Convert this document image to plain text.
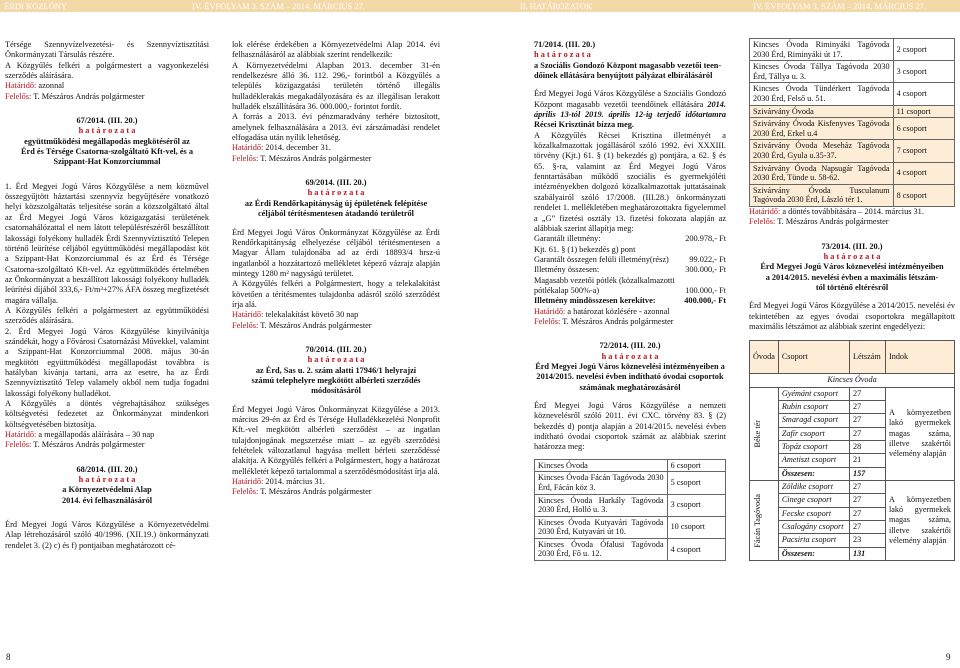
ÉRDI KÖZLÖNY	IV. ÉVFOLYAM 3. SZÁM – 2014. MÁRCIUS 27.	II. HATÁROZATOK	IV. ÉVFOLYAM 3. SZÁM – 2014. MÁRCIUS 27.

Térsége Szennyvízelvezetési- és Szennyvíztisztítási Önkormányzati Társulás részére.

A Közgyűlés felkéri a polgármestert a vagyonkezelési szerződés aláírására.

Határidő: azonnal

Felelős: T. Mészáros András polgármester

67/2014. (III. 20.)

h a t á r o z a t a

együttműködési megállapodás megkötéséről az

Érd és Térsége Csatorna-szolgáltató Kft-vel, és a

Szippant-Hat Konzorciummal

1. Érd Megyei Jogú Város Közgyűlése a nem közművel összegyűjtött háztartási szennyvíz begyűjtésére vonatkozó helyi közszolgáltatás teljesítése során a közszolgáltató által az Érd Megyei Jogú Város közigazgatási területének csatornahálózattal el nem látott településrészéről beszállított lakossági folyékony hulladék Érdi Szennyvíztisztító Telepen történő leürítése céljából együttműködési megállapodást köt a Szippant-Hat Konzorciummal és az Érd és Térsége Csatorna-szolgáltató Kft-vel. Az együttműködés értelmében az Önkormányzat a beszállított lakossági folyékony hulladék leürítési díjából 333,6,- Ft/m³+27% ÁFA összeg megfizetését magára vállalja.

A Közgyűlés felkéri a polgármestert az együttműködési szerződés aláírására.

2. Érd Megyei Jogú Város Közgyűlése kinyilvánítja szándékát, hogy a Fővárosi Csatornázási Művekkel, valamint a Szippant-Hat Konzorciummal 2008. május 30-án megkötött együttműködési megállapodást továbbra is hatályban kívánja tartani, arra az esetre, ha az Érdi Szennyvíztisztító Telep valamely okból nem tudja fogadni lakossági folyékony hulladékot.

A Közgyűlés a döntés végrehajtásához szükséges költségvetési fedezetet az Önkormányzat mindenkori költségvetésében biztosítja.

Határidő: a megállapodás aláírására – 30 nap

Felelős: T. Mészáros András polgármester

68/2014. (III. 20.)

h a t á r o z a t a

a Környezetvédelmi Alap

2014. évi felhasználásáról

Érd Megyei Jogú Város Közgyűlése a Környezetvédelmi Alap létrehozásáról szóló 40/1996. (XII.19.) önkormányzati rendelet 3. (2) c) és f) pontjaiban meghatározott cé-

lok elérése érdekében a Környezetvédelmi Alap 2014. évi felhasználásáról az alábbiak szerint rendelkezik:

A Környezetvédelmi Alapban 2013. december 31-én rendelkezésre álló 36. 112. 296,- forintból a Közgyűlés a település közigazgatási területén történő illegális hulladéklerakás megakadályozására és az illegálisan lerakott hulladék elszállítására 36. 000.000,- forintot fordít.

A forrás a 2013. évi pénzmaradvány terhére biztosított, amelynek felhasználására a 2013. évi zárszámadási rendelet elfogadása után nyílik lehetőség.

Határidő: 2014. december 31.

Felelős: T. Mészáros András polgármester

69/2014. (III. 20.)

h a t á r o z a t a

az Érdi Rendőrkapitányság új épületének felépítése

céljából térítésmentesen átadandó területről

Érd Megyei Jogú Város Önkormányzat Közgyűlése az Érdi Rendőrkapitányság elhelyezése céljából térítésmentesen a Magyar Állam tulajdonába ad az érdi 18893/4 hrsz-ú ingatlanból a hozzátartozó mellékletet képező vázrajz alapján mintegy 1280 m² nagyságú területet.

A Közgyűlés felkéri a Polgármestert, hogy a telekalakítást követően a térítésmentes tulajdonba adásról szóló szerződést írja alá.

Határidő: telekalakítást követő 30 nap

Felelős: T. Mészáros András polgármester

70/2014. (III. 20.)

h a t á r o z a t a

az Érd, Sas u. 2. szám alatti 17946/1 helyrajzi

számú telephelyre megkötött albérleti szerződés

módosításáról

Érd Megyei Jogú Város Önkormányzat Közgyűlése a 2013. március 29-én az Érd és Térsége Hulladékkezelési Nonprofit Kft.-vel megkötött albérleti szerződést – az ingatlan tulajdonjogának megszerzése miatt – az egyéb szerződési feltételek változatlanul hagyása mellett bérleti szerződéssé alakítja. A Közgyűlés felkéri a Polgármestert, hogy a határozat mellékletét képező tartalommal a szerződésmódosítást írja alá.

Határidő: 2014. március 31.

Felelős: T. Mészáros András polgármester

71/2014. (III. 20.)

h a t á r o z a t a

a Szociális Gondozó Központ magasabb vezetői teen-

dőinek ellátására benyújtott pályázat elbírálásáról

Érd Megyei Jogú Város Közgyűlése a Szociális Gondozó Központ magasabb vezetői teendőinek ellátására 2014. április 13-tól 2019. április 12-ig terjedő időtartamra Récsei Krisztinát bízza meg.

A Közgyűlés Récsei Krisztina illetményét a közalkalmazottak jogállásáról szóló 1992. évi XXXIII. törvény (Kjt.) 61. § (1) bekezdés g) pontjára, a 62. § és 65. §-ra, valamint az Érd Megyei Jogú Város fenntartásában működő szociális és gyermekjóléti intézményekben dolgozó közalkalmazottak juttatásainak szabályairól szóló 17/2008. (III.28.) önkormányzati rendelet 1. mellékletében meghatározottakra figyelemmel a „G” fizetési osztály 13. fizetési fokozata alapján az alábbiak szerint állapítja meg:

Garantált illetmény:	200.978,- Ft

Kjt. 61. § (1) bekezdés g) pont

Garantált összegen felüli illetmény(rész) 99.022,- Ft

Illetmény összesen:	300.000,- Ft

Magasabb vezetői pótlék (közalkalmazotti

pótlékalap 500%-a)	100.000,- Ft

Illetmény mindösszesen kerekítve:	400.000,- Ft

Határidő: a határozat közlésére - azonnal

Felelős: T. Mészáros András polgármester

72/2014. (III. 20.)

h a t á r o z a t a

Érd Megyei Jogú Város köznevelési intézményeiben a

2014/2015. nevelési évben indítható óvodai csoportok

számának meghatározásáról

Érd Megyei Jogú Város Közgyűlése a nemzeti köznevelésről szóló 2011. évi CXC. törvény 83. § (2) bekezdés d) pontja alapján a 2014/2015. nevelési évben indítható óvodai csoportok számát az alábbiak szerint határozza meg:

Kincses Óvoda	6 csoport
Kincses Óvoda Fácán Tagóvoda 2030 Érd, Fácán köz 3.	5 csoport
Kincses Óvoda Harkály Tagóvoda 2030 Érd, Holló u. 3.	3 csoport
Kincses Óvoda Kutyavári Tagóvoda 2030 Érd, Kutyavári út 10.	10 csoport
Kincses Óvoda Ófalusi Tagóvoda 2030 Érd, Fő u. 12.	4 csoport
Kincses Óvoda Riminyáki Tagóvoda 2030 Érd, Riminyáki út 17.	2 csoport
Kincses Óvoda Tállya Tagóvoda 2030 Érd, Tállya u. 3.	3 csoport
Kincses Óvoda Tündérkert Tagóvoda 2030 Érd, Felső u. 51.	4 csoport
Szivárvány Óvoda	11 csoport
Szivárvány Óvoda Kisfenyves Tagóvoda 2030 Érd, Erkel u.4	6 csoport
Szivárvány Óvoda Meseház Tagóvoda 2030 Érd, Gyula u.35-37.	7 csoport
Szivárvány Óvoda Napsugár Tagóvoda 2030 Érd, Tünde u. 58-62.	4 csoport
Szivárvány Óvoda Tusculanum Tagóvoda 2030 Érd, László tér 1.	8 csoport

Határidő: a döntés továbbítására – 2014. március 31.

Felelős: T. Mészáros András polgármester

73/2014. (III. 20.)

h a t á r o z a t a

Érd Megyei Jogú Város köznevelési intézményeiben

a 2014/2015. nevelési évben a maximális létszám-

tól történő eltérésről

Érd Megyei Jogú Város Közgyűlése a 2014/2015. nevelési év tekintetében az egyes óvodai csoportokra megállapított maximális létszámot az alábbiak szerint engedélyezi:

Óvoda	Csoport	Létszám	Indok
Kincses Óvoda			

Béke tér	Gyémánt csoport	27	A környezetben lakó gyermekek magas száma, illetve szakértői vélemény alapján
	Rubin csoport	27	
	Smaragd csoport	27	
	Zafír csoport	27	
	Topáz csoport	28	
	Ametiszt csoport	21	
	Összesen:	157	

Fácán Tagóvoda	Zöldike csoport	27	A környezetben lakó gyermekek magas száma, illetve szakértői vélemény alapján
	Cinege csoport	27	
	Fecske csoport	27	
	Csalogány csoport	27	
	Pacsirta csoport	23	
	Összesen:	131	
8	9
